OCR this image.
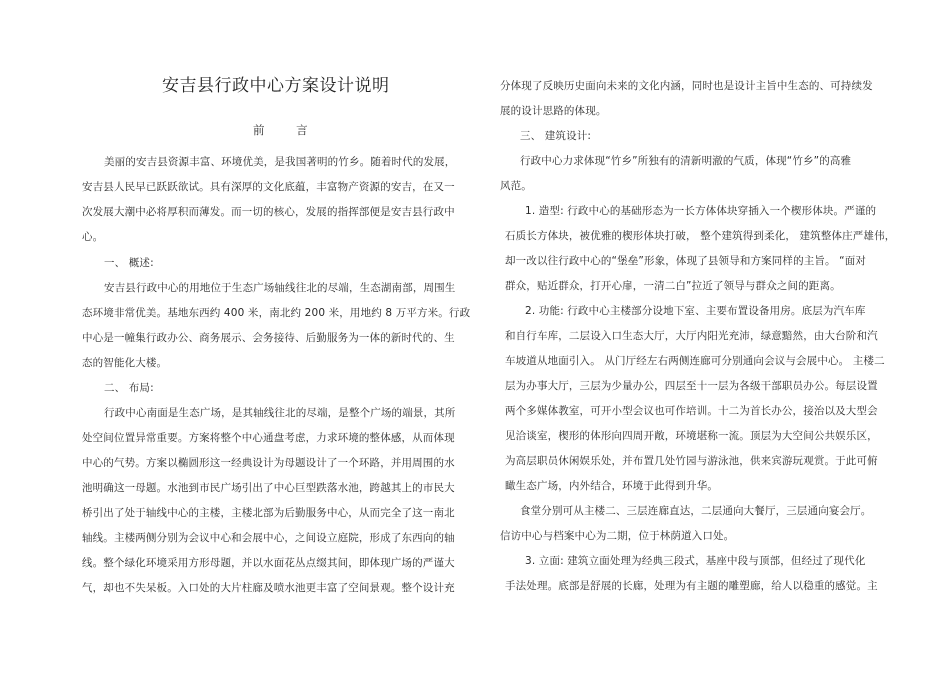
安吉县行政中心方案设计说明
前 言
美丽的安吉县资源丰富、环境优美，是我国著明的竹乡。随着时代的发展，
安吉县人民早已跃跃欲试。具有深厚的文化底蕴，丰富物产资源的安吉，在又一
次发展大潮中必将厚积而薄发。而一切的核心，发展的指挥部便是安吉县行政中
心。
一、 概述:
安吉县行政中心的用地位于生态广场轴线往北的尽端，生态湖南部，周围生
态环境非常优美。基地东西约 400 米，南北约 200 米，用地约 8 万平方米。行政
中心是一幢集行政办公、商务展示、会务接待、后勤服务为一体的新时代的、生
态的智能化大楼。
二、 布局:
行政中心南面是生态广场，是其轴线往北的尽端，是整个广场的端景，其所
处空间位置异常重要。方案将整个中心通盘考虑，力求环境的整体感，从而体现
中心的气势。方案以椭圆形这一经典设计为母题设计了一个环路，并用周围的水
池明确这一母题。水池到市民广场引出了中心巨型跌落水池，跨越其上的市民大
桥引出了处于轴线中心的主楼，主楼北部为后勤服务中心，从而完全了这一南北
轴线。主楼两侧分别为会议中心和会展中心，之间设立庭院，形成了东西向的轴
线。整个绿化环境采用方形母题，并以水面花丛点缀其间，即体现广场的严谨大
气，却也不失呆板。入口处的大片柱廊及喷水池更丰富了空间景观。整个设计充
分体现了反映历史面向未来的文化内涵，同时也是设计主旨中生态的、可持续发
展的设计思路的体现。
三、 建筑设计:
行政中心力求体现“竹乡”所独有的清新明澈的气质，体现“竹乡”的高雅
风范。
1. 造型: 行政中心的基础形态为一长方体体块穿插入一个楔形体块。严谨的
石质长方体块，被优雅的楔形体块打破， 整个建筑得到柔化， 建筑整体庄严雄伟，
却一改以往行政中心的“堡垒”形象，体现了县领导和方案同样的主旨。 “面对
群众，贴近群众，打开心扉，一清二白”拉近了领导与群众之间的距离。
2. 功能: 行政中心主楼部分设地下室、主要布置设备用房。底层为汽车库
和自行车库，二层设入口生态大厅，大厅内阳光充沛，绿意黯然，由大台阶和汽
车坡道从地面引入。 从门厅经左右两侧连廊可分别通向会议与会展中心。 主楼二
层为办事大厅，三层为少量办公，四层至十一层为各级干部职员办公。每层设置
两个多媒体教室，可开小型会议也可作培训。十二为首长办公，接治以及大型会
见洽谈室，楔形的体形向四周开敞，环境堪称一流。顶层为大空间公共娱乐区，
为高层职员休闲娱乐处，并布置几处竹园与游泳池，供来宾游玩观赏。于此可俯
瞰生态广场，内外结合，环境于此得到升华。
食堂分别可从主楼二、三层连廊直达，二层通向大餐厅，三层通向宴会厅。
信访中心与档案中心为二期，位于林荫道入口处。
3. 立面: 建筑立面处理为经典三段式，基座中段与顶部，但经过了现代化
手法处理。底部是舒展的长廊，处理为有主题的雕塑廊，给人以稳重的感觉。主
